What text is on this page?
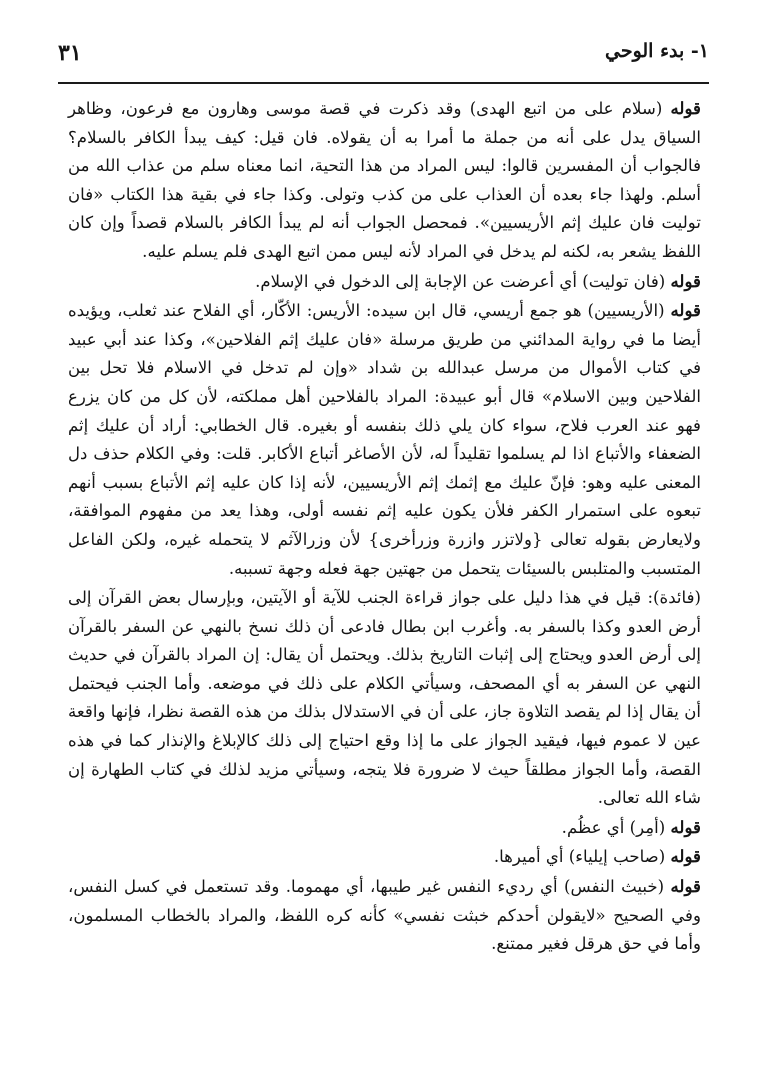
١- بدء الوحي
٣١

قوله (سلام على من اتبع الهدى) وقد ذكرت في قصة موسى وهارون مع فرعون، وظاهر السياق يدل على أنه من جملة ما أمرا به أن يقولاه. فان قيل: كيف يبدأ الكافر بالسلام؟ فالجواب أن المفسرين قالوا: ليس المراد من هذا التحية، انما معناه سلم من عذاب الله من أسلم. ولهذا جاء بعده أن العذاب على من كذب وتولى. وكذا جاء في بقية هذا الكتاب «فان توليت فان عليك إثم الأريسيين». فمحصل الجواب أنه لم يبدأ الكافر بالسلام قصداً وإن كان اللفظ يشعر به، لكنه لم يدخل في المراد لأنه ليس ممن اتبع الهدى فلم يسلم عليه.

قوله (فان توليت) أي أعرضت عن الإجابة إلى الدخول في الإسلام.

قوله (الأريسيين) هو جمع أريسي، قال ابن سيده: الأريس: الأكّار، أي الفلاح عند ثعلب، ويؤيده أيضا ما في رواية المدائني من طريق مرسلة «فان عليك إثم الفلاحين»، وكذا عند أبي عبيد في كتاب الأموال من مرسل عبدالله بن شداد «وإن لم تدخل في الاسلام فلا تحل بين الفلاحين وبين الاسلام» قال أبو عبيدة: المراد بالفلاحين أهل مملكته، لأن كل من كان يزرع فهو عند العرب فلاح، سواء كان يلي ذلك بنفسه أو بغيره. قال الخطابي: أراد أن عليك إثم الضعفاء والأتباع اذا لم يسلموا تقليداً له، لأن الأصاغر أتباع الأكابر. قلت: وفي الكلام حذف دل المعنى عليه وهو: فإنّ عليك مع إثمك إثم الأريسيين، لأنه إذا كان عليه إثم الأتباع بسبب أنهم تبعوه على استمرار الكفر فلأن يكون عليه إثم نفسه أولى، وهذا يعد من مفهوم الموافقة، ولايعارض بقوله تعالى {ولاتزر وازرة وزرأخرى} لأن وزرالآثم لا يتحمله غيره، ولكن الفاعل المتسبب والمتلبس بالسيئات يتحمل من جهتين جهة فعله وجهة تسببه.

(فائدة): قيل في هذا دليل على جواز قراءة الجنب للآية أو الآيتين، وبإرسال بعض القرآن إلى أرض العدو وكذا بالسفر به. وأغرب ابن بطال فادعى أن ذلك نسخ بالنهي عن السفر بالقرآن إلى أرض العدو ويحتاج إلى إثبات التاريخ بذلك. ويحتمل أن يقال: إن المراد بالقرآن في حديث النهي عن السفر به أي المصحف، وسيأتي الكلام على ذلك في موضعه. وأما الجنب فيحتمل أن يقال إذا لم يقصد التلاوة جاز، على أن في الاستدلال بذلك من هذه القصة نظرا، فإنها واقعة عين لا عموم فيها، فيقيد الجواز على ما إذا وقع احتياج إلى ذلك كالإبلاغ والإنذار كما في هذه القصة، وأما الجواز مطلقاً حيث لا ضرورة فلا يتجه، وسيأتي مزيد لذلك في كتاب الطهارة إن شاء الله تعالى.

قوله (أمِر) أي عظُم.

قوله (صاحب إيلياء) أي أميرها.

قوله (خبيث النفس) أي رديء النفس غير طيبها، أي مهموما. وقد تستعمل في كسل النفس، وفي الصحيح «لايقولن أحدكم خبثت نفسي» كأنه كره اللفظ، والمراد بالخطاب المسلمون، وأما في حق هرقل فغير ممتنع.
